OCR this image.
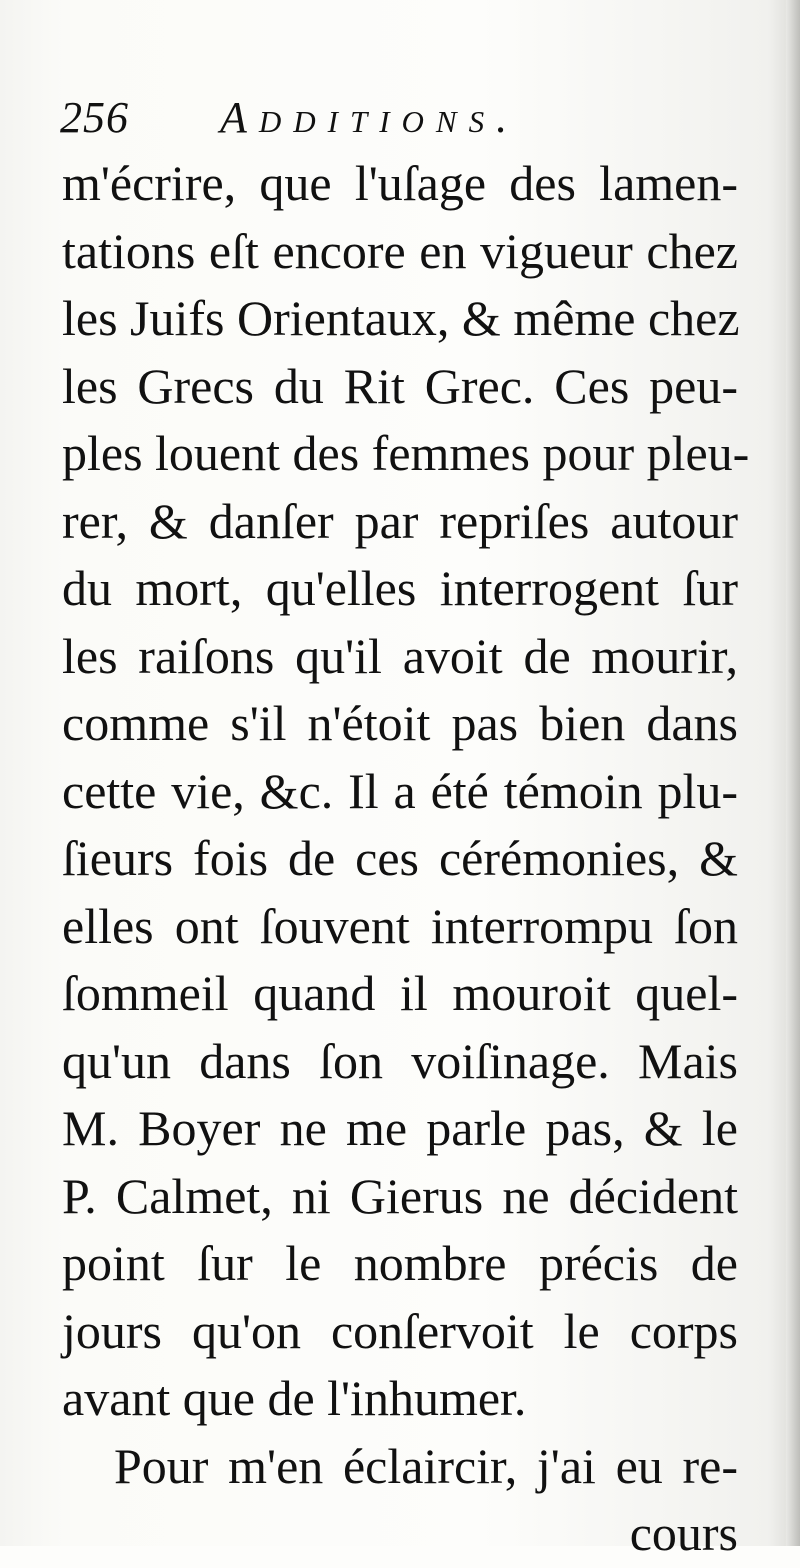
256 Additions.
m'écrire, que l'uſage des lamen-
tations eſt encore en vigueur chez
les Juifs Orientaux, & même chez
les Grecs du Rit Grec. Ces peu-
ples louent des femmes pour pleu-
rer, & danſer par repriſes autour
du mort, qu'elles interrogent ſur
les raiſons qu'il avoit de mourir,
comme s'il n'étoit pas bien dans
cette vie, &c. Il a été témoin plu-
ſieurs fois de ces cérémonies, &
elles ont ſouvent interrompu ſon
ſommeil quand il mouroit quel-
qu'un dans ſon voiſinage. Mais
M. Boyer ne me parle pas, & le
P. Calmet, ni Gierus ne décident
point ſur le nombre précis de
jours qu'on conſervoit le corps
avant que de l'inhumer.
Pour m'en éclaircir, j'ai eu re-
cours
